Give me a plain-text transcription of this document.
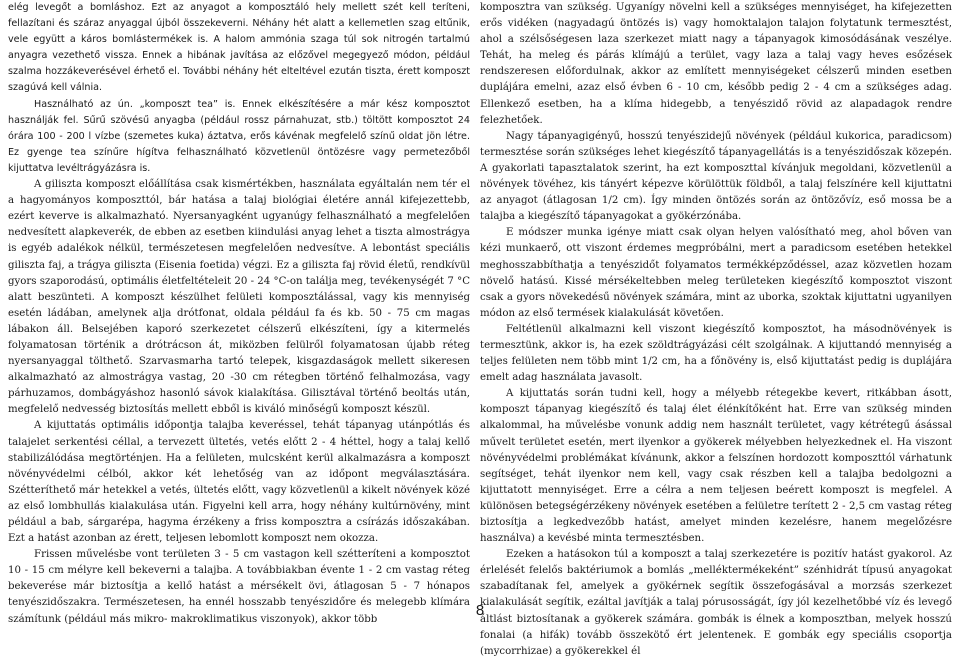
elég levegőt a bomláshoz. Ezt az anyagot a komposztáló hely mellett szét kell teríteni, fellazítani és száraz anyaggal újból összekeverni. Néhány hét alatt a kellemetlen szag eltűnik, vele együtt a káros bomlástermékek is. A halom ammónia szaga túl sok nitrogén tartalmú anyagra vezethető vissza. Ennek a hibának javítása az előzővel megegyező módon, például szalma hozzákeverésével érhető el. További néhány hét elteltével ezután tiszta, érett komposzt szagúvá kell válnia.

Használható az ún. „komposzt tea” is. Ennek elkészítésére a már kész komposztot használják fel. Sűrű szövésű anyagba (például rossz párnahuzat, stb.) töltött komposztot 24 órára 100 - 200 l vízbe (szemetes kuka) áztatva, erős kávénak megfelelő színű oldat jön létre. Ez gyenge tea színűre hígítva felhasználható közvetlenül öntözésre vagy permetezőből kijuttatva levéltrágyázásra is.

A giliszta komposzt előállítása csak kismértékben, használata egyáltalán nem tér el a hagyományos komposzttól, bár hatása a talaj biológiai életére annál kifejezettebb, ezért keverve is alkalmazható. Nyersanyagként ugyanúgy felhasználható a megfelelően nedvesített alapkeverék, de ebben az esetben kiindulási anyag lehet a tiszta almostrágya is egyéb adalékok nélkül, természetesen megfelelően nedvesítve. A lebontást speciális giliszta faj, a trágya giliszta (Eisenia foetida) végzi. Ez a giliszta faj rövid életű, rendkívül gyors szaporodású, optimális életfeltételeit 20 - 24 °C-on találja meg, tevékenységét 7 °C alatt beszünteti. A komposzt készülhet felületi komposztálással, vagy kis mennyiség esetén ládában, amelynek alja drótfonat, oldala például fa és kb. 50 - 75 cm magas lábakon áll. Belsejében kaporó szerkezetet célszerű elkészíteni, így a kitermelés folyamatosan történik a drótrácson át, miközben felülről folyamatosan újabb réteg nyersanyaggal tölthető. Szarvasmarha tartó telepek, kisgazdaságok mellett sikeresen alkalmazható az almostrágya vastag, 20 -30 cm rétegben történő felhalmozása, vagy párhuzamos, dombágyáshoz hasonló sávok kialakítása. Gilisztával történő beoltás után, megfelelő nedvesség biztosítás mellett ebből is kiváló minőségű komposzt készül.

A kijuttatás optimális időpontja talajba keveréssel, tehát tápanyag utánpótlás és talajelet serkentési céllal, a tervezett ültetés, vetés előtt 2 - 4 héttel, hogy a talaj kellő stabilizálódása megtörténjen. Ha a felületen, mulcsként kerül alkalmazásra a komposzt növényvédelmi célból, akkor két lehetőség van az időpont megválasztására. Szétteríthető már hetekkel a vetés, ültetés előtt, vagy közvetlenül a kikelt növények közé az első lombhullás kialakulása után. Figyelni kell arra, hogy néhány kultúrnövény, mint például a bab, sárgarépa, hagyma érzékeny a friss komposztra a csírázás időszakában. Ezt a hatást azonban az érett, teljesen lebomlott komposzt nem okozza.

Frissen művelésbe vont területen 3 - 5 cm vastagon kell szétteríteni a komposztot 10 - 15 cm mélyre kell bekeverni a talajba. A továbbiakban évente 1 - 2 cm vastag réteg bekeverése már biztosítja a kellő hatást a mérsékelt övi, átlagosan 5 - 7 hónapos tenyészidőszakra. Természetesen, ha ennél hosszabb tenyészidőre és melegebb klímára számítunk (például más mikro- makroklimatikus viszonyok), akkor több

komposztra van szükség. Ugyanígy növelni kell a szükséges mennyiséget, ha kifejezetten erős vidéken (nagyadagú öntözés is) vagy homoktalajon talajon folytatunk termesztést, ahol a szélsőségesen laza szerkezet miatt nagy a tápanyagok kimosódásának veszélye. Tehát, ha meleg és párás klímájú a terület, vagy laza a talaj vagy heves esőzések rendszeresen előfordulnak, akkor az említett mennyiségeket célszerű minden esetben duplájára emelni, azaz első évben 6 - 10 cm, később pedig 2 - 4 cm a szükséges adag. Ellenkező esetben, ha a klíma hidegebb, a tenyészidő rövid az alapadagok rendre felezhetőek.

Nagy tápanyagigényű, hosszú tenyészidejű növények (például kukorica, paradicsom) termesztése során szükséges lehet kiegészítő tápanyagellátás is a tenyészidőszak közepén. A gyakorlati tapasztalatok szerint, ha ezt komposzttal kívánjuk megoldani, közvetlenül a növények tövéhez, kis tányért képezve körülöttük földből, a talaj felszínére kell kijuttatni az anyagot (átlagosan 1/2 cm). Így minden öntözés során az öntözővíz, eső mossa be a talajba a kiegészítő tápanyagokat a gyökérzónába.

E módszer munka igénye miatt csak olyan helyen valósítható meg, ahol bőven van kézi munkaerő, ott viszont érdemes megpróbálni, mert a paradicsom esetében hetekkel meghosszabbíthatja a tenyészidőt folyamatos termékképződéssel, azaz közvetlen hozam növelő hatású. Kissé mérsékeltebben meleg területeken kiegészítő komposztot viszont csak a gyors növekedésű növények számára, mint az uborka, szoktak kijuttatni ugyanilyen módon az első termések kialakulását követően.

Feltétlenül alkalmazni kell viszont kiegészítő komposztot, ha másodnövények is termesztünk, akkor is, ha ezek szöldtrágyázási célt szolgálnak. A kijuttandó mennyiség a teljes felületen nem több mint 1/2 cm, ha a főnövény is, első kijuttatást pedig is duplájára emelt adag használata javasolt.

A kijuttatás során tudni kell, hogy a mélyebb rétegekbe kevert, ritkábban ásott, komposzt tápanyag kiegészítő és talaj élet élénkítőként hat. Erre van szükség minden alkalommal, ha művelésbe vonunk addig nem használt területet, vagy kétrétegű ásással művelt területet esetén, mert ilyenkor a gyökerek mélyebben helyezkednek el. Ha viszont növényvédelmi problémákat kívánunk, akkor a felszínen hordozott komposzttól várhatunk segítséget, tehát ilyenkor nem kell, vagy csak részben kell a talajba bedolgozni a kijuttatott mennyiséget. Erre a célra a nem teljesen beérett komposzt is megfelel. A különösen betegségérzékeny növények esetében a felületre terített 2 - 2,5 cm vastag réteg biztosítja a legkedvezőbb hatást, amelyet minden kezelésre, hanem megelőzésre használva) a kevésbé minta termesztésben.

Ezeken a hatásokon túl a komposzt a talaj szerkezetére is pozitív hatást gyakorol. Az érlelését felelős baktériumok a bomlás „melléktermékeként” szénhidrát típusú anyagokat szabadítanak fel, amelyek a gyökérnek segítik összefogásával a morzsás szerkezet kialakulását segítik, ezáltal javítják a talaj pórusosságát, így jól kezelhetőbbé víz és levegő áltlást biztosítanak a gyökerek számára. gombák is élnek a komposztban, melyek hosszú fonalai (a hifák) tovább összekötő ért jelentenek. E gombák egy speciális csoportja (mycorrhizae) a gyökerekkel él

8
